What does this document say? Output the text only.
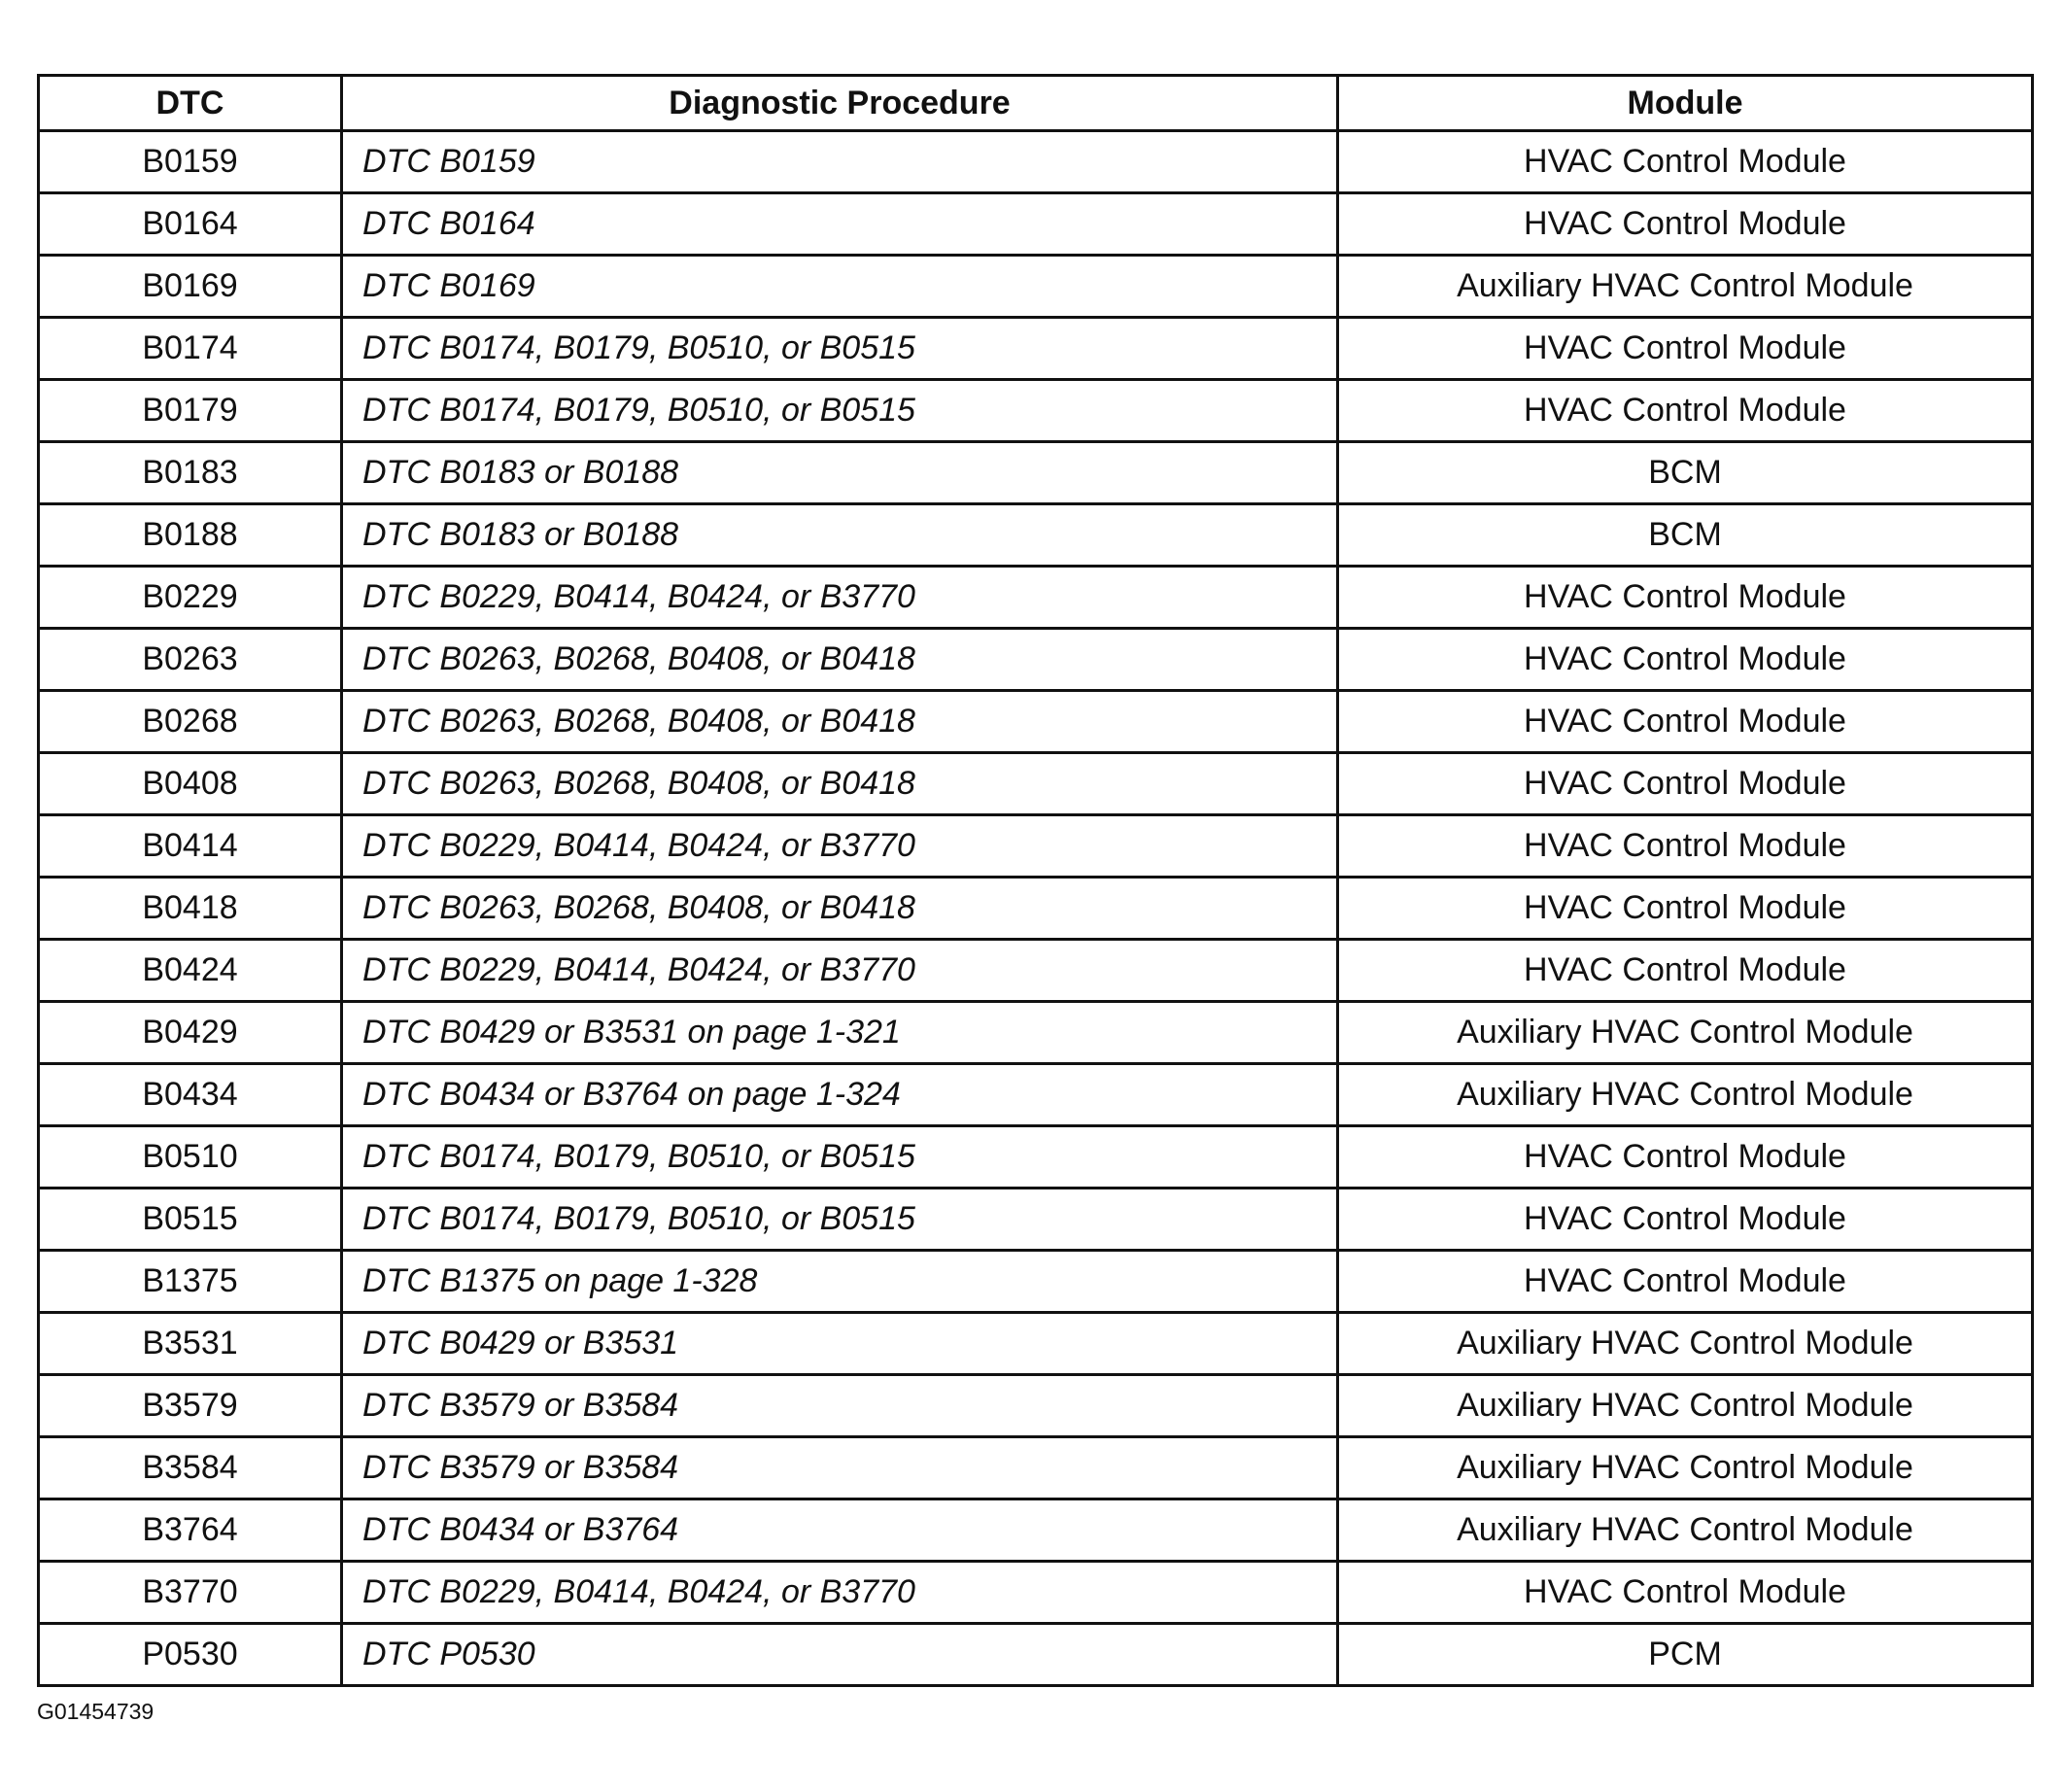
DTC	Diagnostic Procedure	Module
B0159	DTC B0159	HVAC Control Module
B0164	DTC B0164	HVAC Control Module
B0169	DTC B0169	Auxiliary HVAC Control Module
B0174	DTC B0174, B0179, B0510, or B0515	HVAC Control Module
B0179	DTC B0174, B0179, B0510, or B0515	HVAC Control Module
B0183	DTC B0183 or B0188	BCM
B0188	DTC B0183 or B0188	BCM
B0229	DTC B0229, B0414, B0424, or B3770	HVAC Control Module
B0263	DTC B0263, B0268, B0408, or B0418	HVAC Control Module
B0268	DTC B0263, B0268, B0408, or B0418	HVAC Control Module
B0408	DTC B0263, B0268, B0408, or B0418	HVAC Control Module
B0414	DTC B0229, B0414, B0424, or B3770	HVAC Control Module
B0418	DTC B0263, B0268, B0408, or B0418	HVAC Control Module
B0424	DTC B0229, B0414, B0424, or B3770	HVAC Control Module
B0429	DTC B0429 or B3531 on page 1-321	Auxiliary HVAC Control Module
B0434	DTC B0434 or B3764 on page 1-324	Auxiliary HVAC Control Module
B0510	DTC B0174, B0179, B0510, or B0515	HVAC Control Module
B0515	DTC B0174, B0179, B0510, or B0515	HVAC Control Module
B1375	DTC B1375 on page 1-328	HVAC Control Module
B3531	DTC B0429 or B3531	Auxiliary HVAC Control Module
B3579	DTC B3579 or B3584	Auxiliary HVAC Control Module
B3584	DTC B3579 or B3584	Auxiliary HVAC Control Module
B3764	DTC B0434 or B3764	Auxiliary HVAC Control Module
B3770	DTC B0229, B0414, B0424, or B3770	HVAC Control Module
P0530	DTC P0530	PCM
G01454739
